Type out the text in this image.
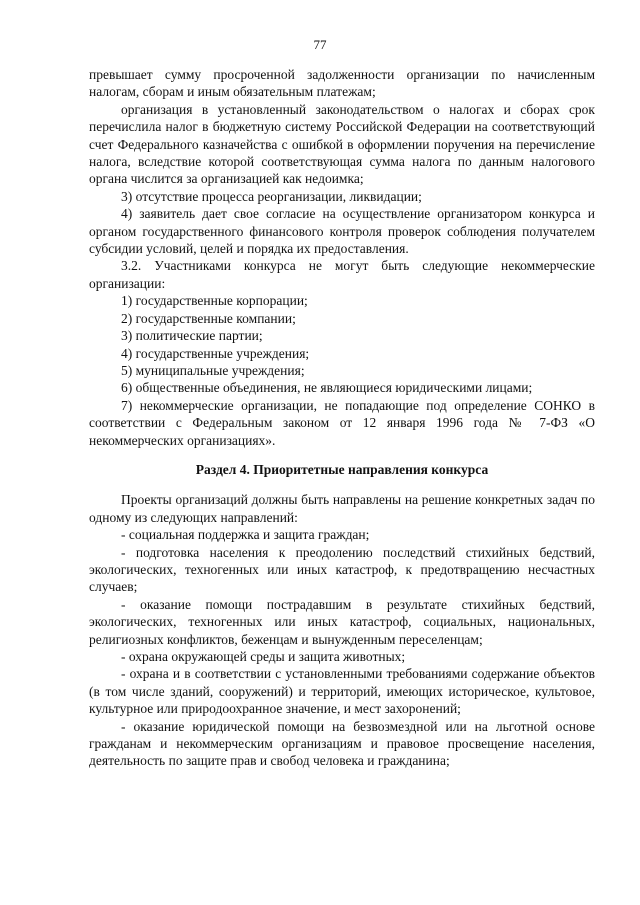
77

превышает сумму просроченной задолженности организации по начисленным налогам, сборам и иным обязательным платежам;

организация в установленный законодательством о налогах и сборах срок перечислила налог в бюджетную систему Российской Федерации на соответствующий счет Федерального казначейства с ошибкой в оформлении поручения на перечисление налога, вследствие которой соответствующая сумма налога по данным налогового органа числится за организацией как недоимка;

3) отсутствие процесса реорганизации, ликвидации;

4) заявитель дает свое согласие на осуществление организатором конкурса и органом государственного финансового контроля проверок соблюдения получателем субсидии условий, целей и порядка их предоставления.

3.2. Участниками конкурса не могут быть следующие некоммерческие организации:

1) государственные корпорации;

2) государственные компании;

3) политические партии;

4) государственные учреждения;

5) муниципальные учреждения;

6) общественные объединения, не являющиеся юридическими лицами;

7) некоммерческие организации, не попадающие под определение СОНКО в соответствии с Федеральным законом от 12 января 1996 года № 7-ФЗ «О некоммерческих организациях».

Раздел 4. Приоритетные направления конкурса

Проекты организаций должны быть направлены на решение конкретных задач по одному из следующих направлений:

- социальная поддержка и защита граждан;

- подготовка населения к преодолению последствий стихийных бедствий, экологических, техногенных или иных катастроф, к предотвращению несчастных случаев;

- оказание помощи пострадавшим в результате стихийных бедствий, экологических, техногенных или иных катастроф, социальных, национальных, религиозных конфликтов, беженцам и вынужденным переселенцам;

- охрана окружающей среды и защита животных;

- охрана и в соответствии с установленными требованиями содержание объектов (в том числе зданий, сооружений) и территорий, имеющих историческое, культовое, культурное или природоохранное значение, и мест захоронений;

- оказание юридической помощи на безвозмездной или на льготной основе гражданам и некоммерческим организациям и правовое просвещение населения, деятельность по защите прав и свобод человека и гражданина;
